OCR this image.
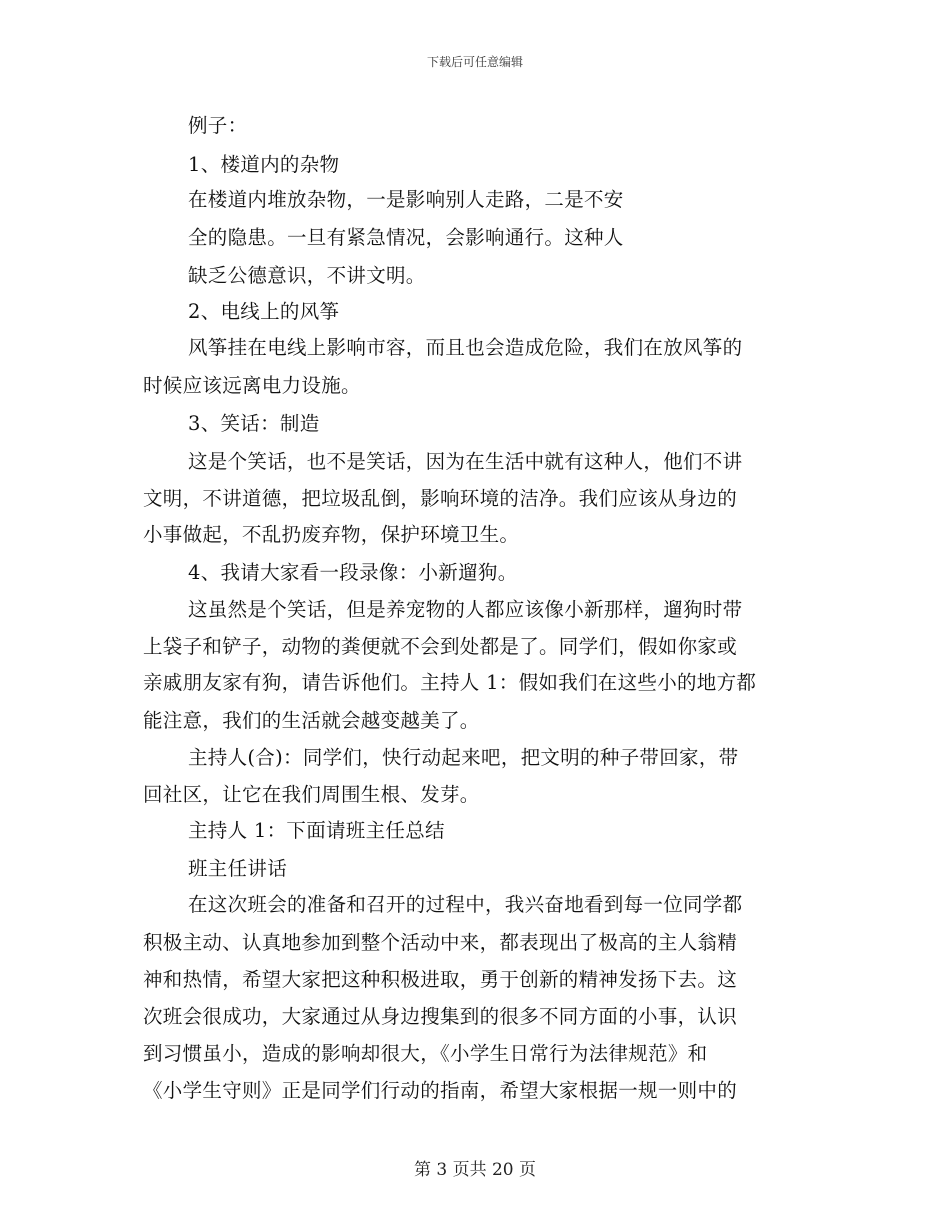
下载后可任意编辑
例子：
1、楼道内的杂物
在楼道内堆放杂物，一是影响别人走路，二是不安
全的隐患。一旦有紧急情况，会影响通行。这种人
缺乏公德意识，不讲文明。
2、电线上的风筝
风筝挂在电线上影响市容，而且也会造成危险，我们在放风筝的
时候应该远离电力设施。
3、笑话：制造
这是个笑话，也不是笑话，因为在生活中就有这种人，他们不讲
文明，不讲道德，把垃圾乱倒，影响环境的洁净。我们应该从身边的
小事做起，不乱扔废弃物，保护环境卫生。
4、我请大家看一段录像：小新遛狗。
这虽然是个笑话，但是养宠物的人都应该像小新那样，遛狗时带
上袋子和铲子，动物的粪便就不会到处都是了。同学们，假如你家或
亲戚朋友家有狗，请告诉他们。主持人 1：假如我们在这些小的地方都
能注意，我们的生活就会越变越美了。
主持人(合)：同学们，快行动起来吧，把文明的种子带回家，带
回社区，让它在我们周围生根、发芽。
主持人 1：下面请班主任总结
班主任讲话
在这次班会的准备和召开的过程中，我兴奋地看到每一位同学都
积极主动、认真地参加到整个活动中来，都表现出了极高的主人翁精
神和热情，希望大家把这种积极进取，勇于创新的精神发扬下去。这
次班会很成功，大家通过从身边搜集到的很多不同方面的小事，认识
到习惯虽小，造成的影响却很大，《小学生日常行为法律规范》和
《小学生守则》正是同学们行动的指南，希望大家根据一规一则中的
第 3 页共 20 页
